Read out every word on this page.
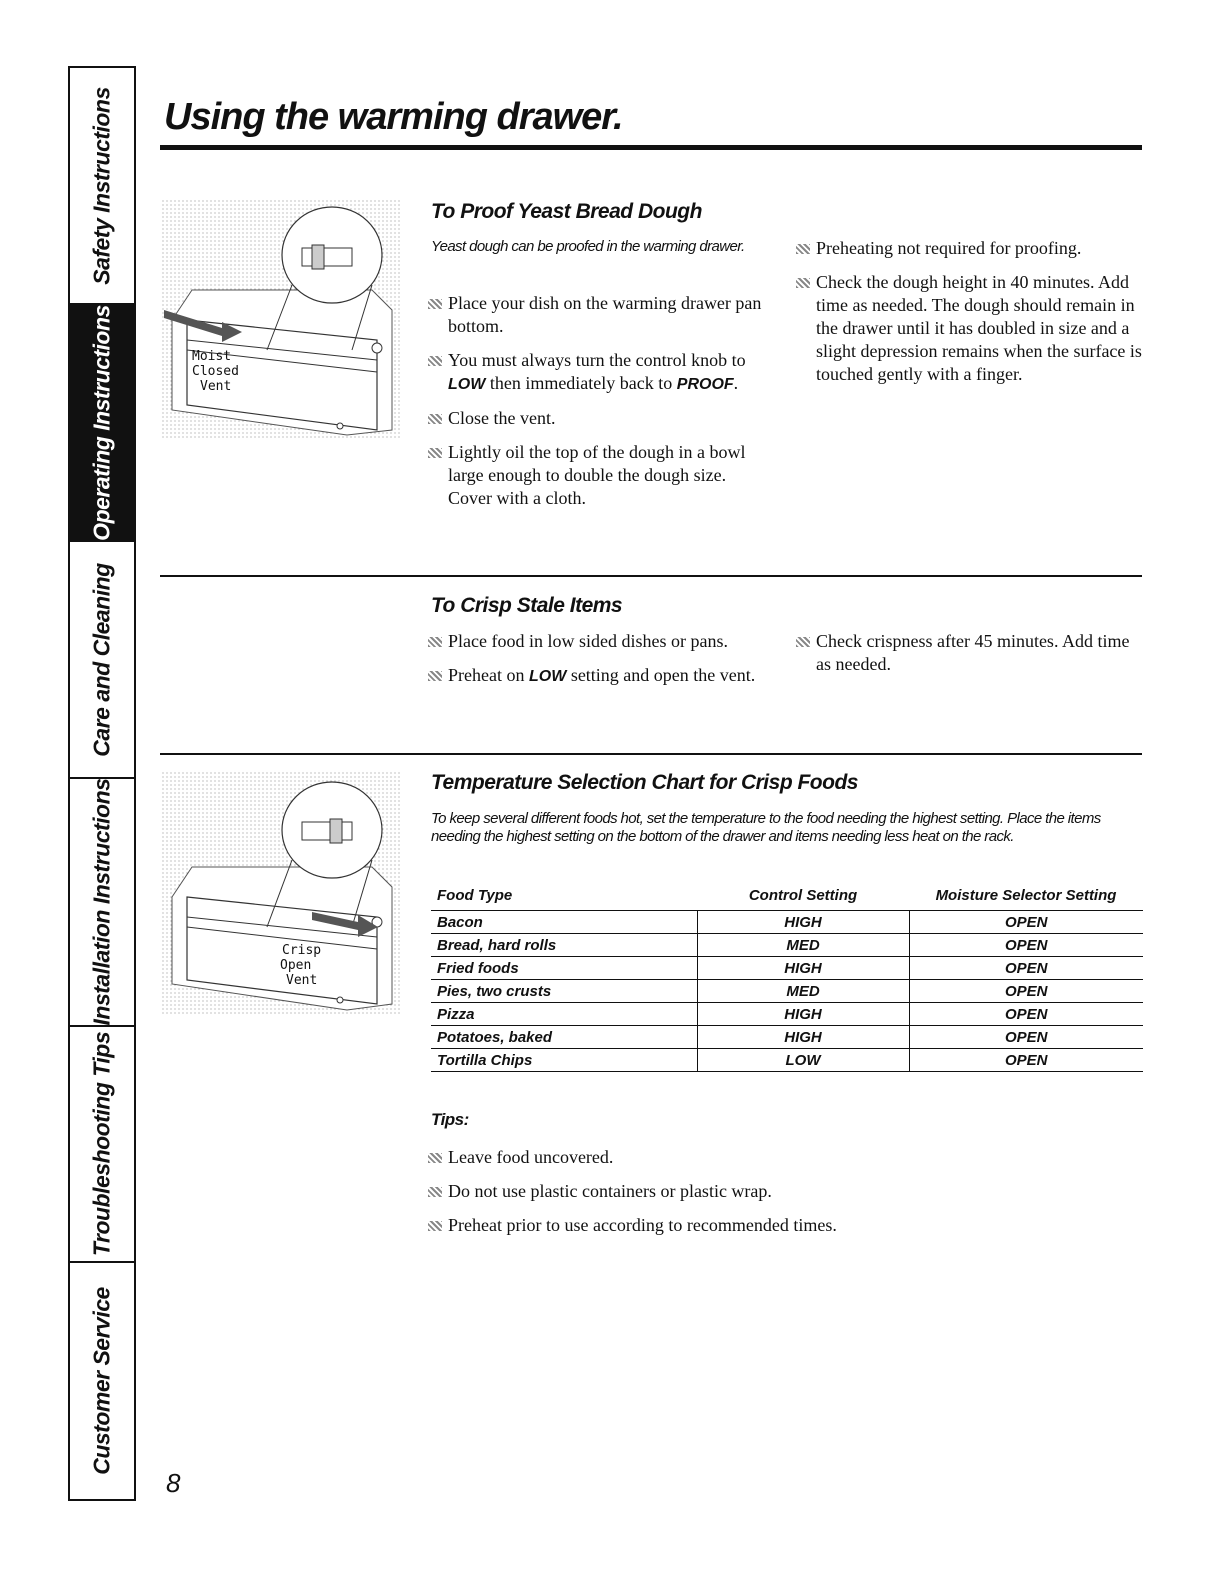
Safety Instructions
Operating Instructions
Care and Cleaning
Installation Instructions
Troubleshooting Tips
Customer Service
Using the warming drawer.
Moist
Closed
Vent
To Proof Yeast Bread Dough

Yeast dough can be proofed in the warming drawer.

Place your dish on the warming drawer pan bottom.
You must always turn the control knob to LOW then immediately back to PROOF.
Close the vent.
Lightly oil the top of the dough in a bowl large enough to double the dough size. Cover with a cloth.
Preheating not required for proofing.
Check the dough height in 40 minutes. Add time as needed. The dough should remain in the drawer until it has doubled in size and a slight depression remains when the surface is touched gently with a finger.
To Crisp Stale Items
Place food in low sided dishes or pans.
Preheat on LOW setting and open the vent.
Check crispness after 45 minutes. Add time as needed.
Crisp
Open
Vent
Temperature Selection Chart for Crisp Foods

To keep several different foods hot, set the temperature to the food needing the highest setting. Place the items needing the highest setting on the bottom of the drawer and items needing less heat on the rack.

Food Type	Control Setting	Moisture Selector Setting
Bacon	HIGH	OPEN
Bread, hard rolls	MED	OPEN
Fried foods	HIGH	OPEN
Pies, two crusts	MED	OPEN
Pizza	HIGH	OPEN
Potatoes, baked	HIGH	OPEN
Tortilla Chips	LOW	OPEN
Tips:
Leave food uncovered.
Do not use plastic containers or plastic wrap.
Preheat prior to use according to recommended times.
8
